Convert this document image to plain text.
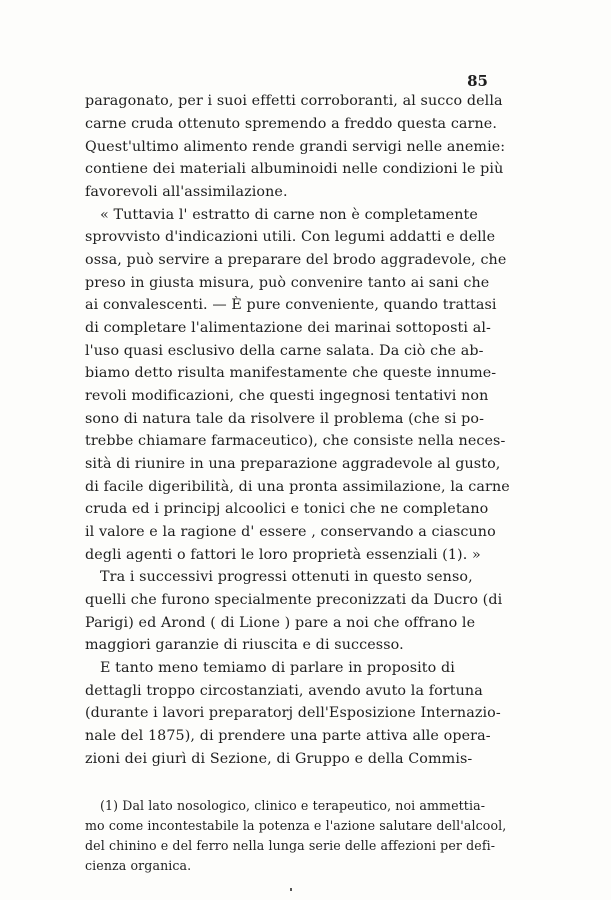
85
paragonato, per i suoi effetti corroboranti, al succo della
carne cruda ottenuto spremendo a freddo questa carne.
Quest'ultimo alimento rende grandi servigi nelle anemie:
contiene dei materiali albuminoidi nelle condizioni le più
favorevoli all'assimilazione.
« Tuttavia l' estratto di carne non è completamente
sprovvisto d'indicazioni utili. Con legumi addatti e delle
ossa, può servire a preparare del brodo aggradevole, che
preso in giusta misura, può convenire tanto ai sani che
ai convalescenti. — È pure conveniente, quando trattasi
di completare l'alimentazione dei marinai sottoposti al-
l'uso quasi esclusivo della carne salata. Da ciò che ab-
biamo detto risulta manifestamente che queste innume-
revoli modificazioni, che questi ingegnosi tentativi non
sono di natura tale da risolvere il problema (che si po-
trebbe chiamare farmaceutico), che consiste nella neces-
sità di riunire in una preparazione aggradevole al gusto,
di facile digeribilità, di una pronta assimilazione, la carne
cruda ed i principj alcoolici e tonici che ne completano
il valore e la ragione d' essere , conservando a ciascuno
degli agenti o fattori le loro proprietà essenziali (1). »
Tra i successivi progressi ottenuti in questo senso,
quelli che furono specialmente preconizzati da Ducro (di
Parigi) ed Arond ( di Lione ) pare a noi che offrano le
maggiori garanzie di riuscita e di successo.
E tanto meno temiamo di parlare in proposito di
dettagli troppo circostanziati, avendo avuto la fortuna
(durante i lavori preparatorj dell'Esposizione Internazio-
nale del 1875), di prendere una parte attiva alle opera-
zioni dei giurì di Sezione, di Gruppo e della Commis-
(1) Dal lato nosologico, clinico e terapeutico, noi ammettia-
mo come incontestabile la potenza e l'azione salutare dell'alcool,
del chinino e del ferro nella lunga serie delle affezioni per defi-
cienza organica.
